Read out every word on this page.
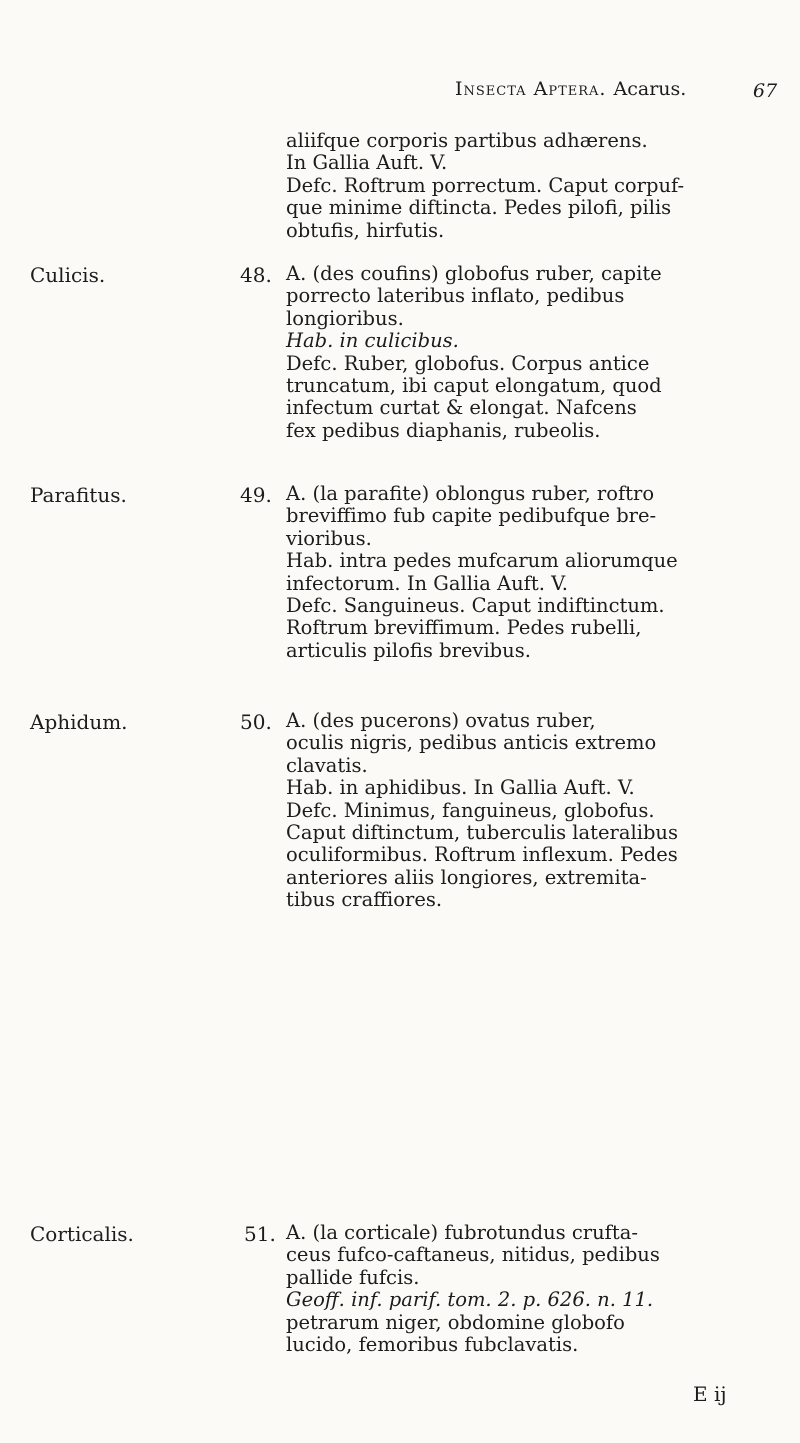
Insecta Aptera. Acarus.	67

aliifque corporis partibus adhærens.

In Gallia Auft. V.

Defc. Roftrum porrectum. Caput corpuf-

que minime diftincta. Pedes pilofi, pilis

obtufis, hirfutis.

Culicis.	48. A. (des coufins) globofus ruber, capite

porrecto lateribus inflato, pedibus

longioribus.

Hab. in culicibus.

Defc. Ruber, globofus. Corpus antice

truncatum, ibi caput elongatum, quod

infectum curtat & elongat. Nafcens

fex pedibus diaphanis, rubeolis.

Parafitus.	49. A. (la parafite) oblongus ruber, roftro

breviffimo fub capite pedibufque bre-

vioribus.

Hab. intra pedes mufcarum aliorumque

infectorum. In Gallia Auft. V.

Defc. Sanguineus. Caput indiftinctum.

Roftrum breviffimum. Pedes rubelli,

articulis pilofis brevibus.

Aphidum.	50. A. (des pucerons) ovatus ruber,

oculis nigris, pedibus anticis extremo

clavatis.

Hab. in aphidibus. In Gallia Auft. V.

Defc. Minimus, fanguineus, globofus.

Caput diftinctum, tuberculis lateralibus

oculiformibus. Roftrum inflexum. Pedes

anteriores aliis longiores, extremita-

tibus craffiores.

Corticalis.	51. A. (la corticale) fubrotundus crufta-

ceus fufco-caftaneus, nitidus, pedibus

pallide fufcis.

Geoff. inf. parif. tom. 2. p. 626. n. 11.

petrarum niger, obdomine globofo

lucido, femoribus fubclavatis.

E ij
